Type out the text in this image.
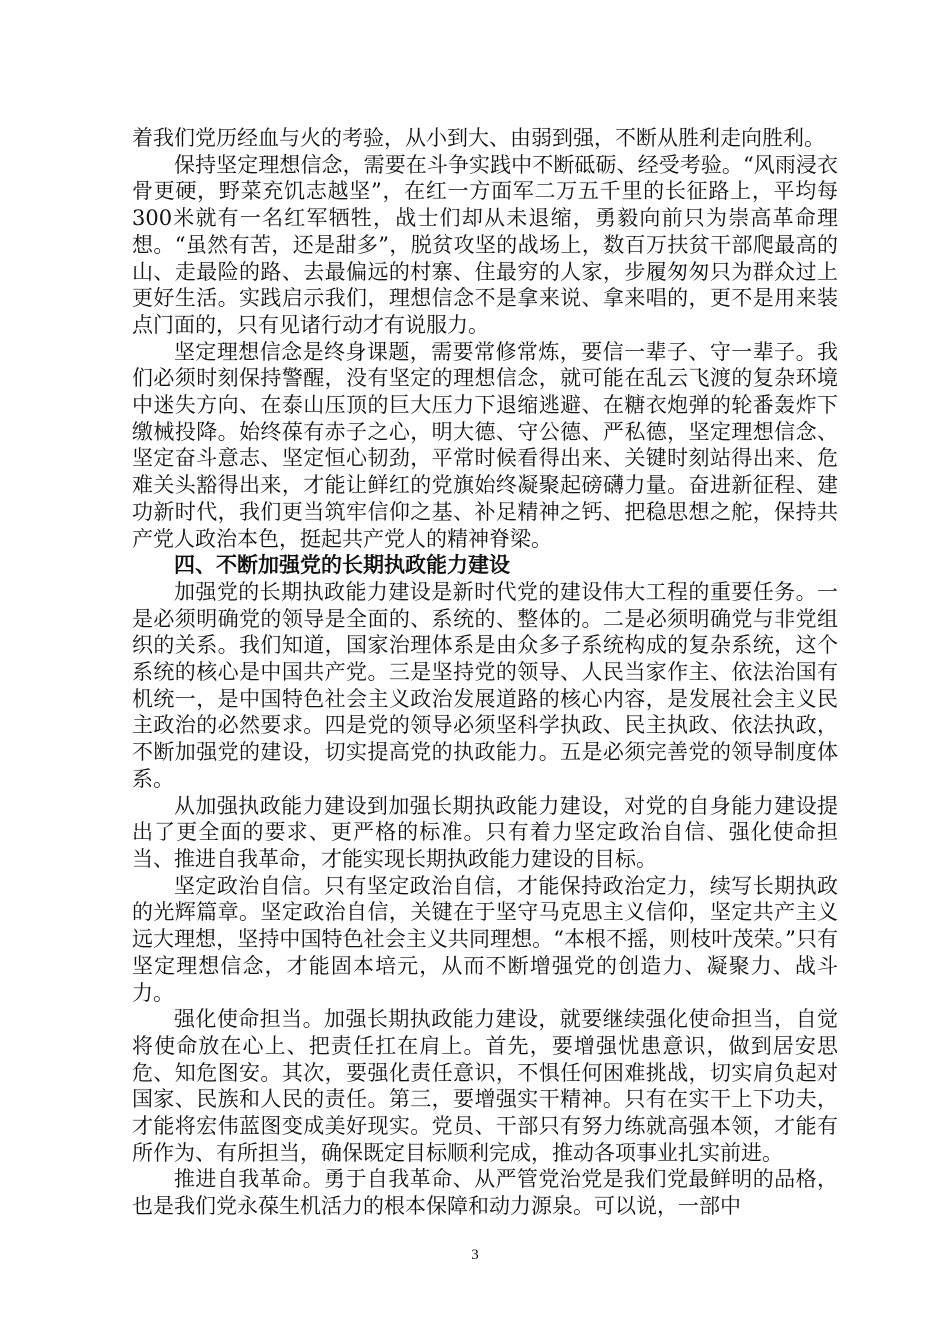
着我们党历经血与火的考验，从小到大、由弱到强，不断从胜利走向胜利。

保持坚定理想信念，需要在斗争实践中不断砥砺、经受考验。“风雨浸衣骨更硬，野菜充饥志越坚”，在红一方面军二万五千里的长征路上，平均每300米就有一名红军牺牲，战士们却从未退缩，勇毅向前只为崇高革命理想。“虽然有苦，还是甜多”，脱贫攻坚的战场上，数百万扶贫干部爬最高的山、走最险的路、去最偏远的村寨、住最穷的人家，步履匆匆只为群众过上更好生活。实践启示我们，理想信念不是拿来说、拿来唱的，更不是用来装点门面的，只有见诸行动才有说服力。

坚定理想信念是终身课题，需要常修常炼，要信一辈子、守一辈子。我们必须时刻保持警醒，没有坚定的理想信念，就可能在乱云飞渡的复杂环境中迷失方向、在泰山压顶的巨大压力下退缩逃避、在糖衣炮弹的轮番轰炸下缴械投降。始终葆有赤子之心，明大德、守公德、严私德，坚定理想信念、坚定奋斗意志、坚定恒心韧劲，平常时候看得出来、关键时刻站得出来、危难关头豁得出来，才能让鲜红的党旗始终凝聚起磅礴力量。奋进新征程、建功新时代，我们更当筑牢信仰之基、补足精神之钙、把稳思想之舵，保持共产党人政治本色，挺起共产党人的精神脊梁。

四、不断加强党的长期执政能力建设

加强党的长期执政能力建设是新时代党的建设伟大工程的重要任务。一是必须明确党的领导是全面的、系统的、整体的。二是必须明确党与非党组织的关系。我们知道，国家治理体系是由众多子系统构成的复杂系统，这个系统的核心是中国共产党。三是坚持党的领导、人民当家作主、依法治国有机统一，是中国特色社会主义政治发展道路的核心内容，是发展社会主义民主政治的必然要求。四是党的领导必须坚科学执政、民主执政、依法执政，不断加强党的建设，切实提高党的执政能力。五是必须完善党的领导制度体系。

从加强执政能力建设到加强长期执政能力建设，对党的自身能力建设提出了更全面的要求、更严格的标准。只有着力坚定政治自信、强化使命担当、推进自我革命，才能实现长期执政能力建设的目标。

坚定政治自信。只有坚定政治自信，才能保持政治定力，续写长期执政的光辉篇章。坚定政治自信，关键在于坚守马克思主义信仰，坚定共产主义远大理想，坚持中国特色社会主义共同理想。“本根不摇，则枝叶茂荣。”只有坚定理想信念，才能固本培元，从而不断增强党的创造力、凝聚力、战斗力。

强化使命担当。加强长期执政能力建设，就要继续强化使命担当，自觉将使命放在心上、把责任扛在肩上。首先，要增强忧患意识，做到居安思危、知危图安。其次，要强化责任意识，不惧任何困难挑战，切实肩负起对国家、民族和人民的责任。第三，要增强实干精神。只有在实干上下功夫，才能将宏伟蓝图变成美好现实。党员、干部只有努力练就高强本领，才能有所作为、有所担当，确保既定目标顺利完成，推动各项事业扎实前进。

推进自我革命。勇于自我革命、从严管党治党是我们党最鲜明的品格，也是我们党永葆生机活力的根本保障和动力源泉。可以说，一部中

3
